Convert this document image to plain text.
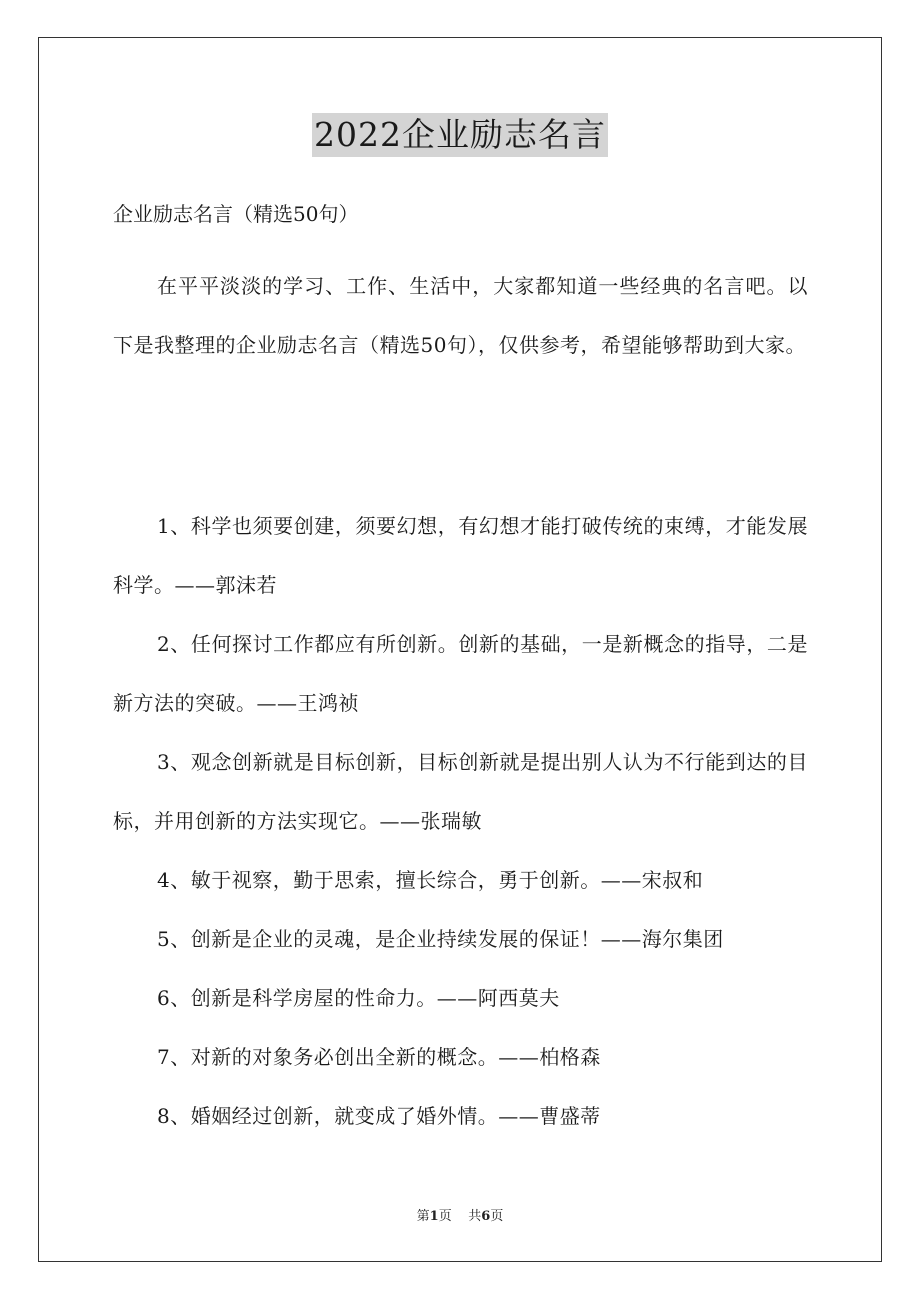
2022企业励志名言
企业励志名言（精选50句）

在平平淡淡的学习、工作、生活中，大家都知道一些经典的名言吧。以下是我整理的企业励志名言（精选50句），仅供参考，希望能够帮助到大家。

1、科学也须要创建，须要幻想，有幻想才能打破传统的束缚，才能发展科学。——郭沫若
2、任何探讨工作都应有所创新。创新的基础，一是新概念的指导，二是新方法的突破。——王鸿祯
3、观念创新就是目标创新，目标创新就是提出别人认为不行能到达的目标，并用创新的方法实现它。——张瑞敏
4、敏于视察，勤于思索，擅长综合，勇于创新。——宋叔和
5、创新是企业的灵魂，是企业持续发展的保证！——海尔集团
6、创新是科学房屋的性命力。——阿西莫夫
7、对新的对象务必创出全新的概念。——柏格森
8、婚姻经过创新，就变成了婚外情。——曹盛蒂
第1页 共6页
